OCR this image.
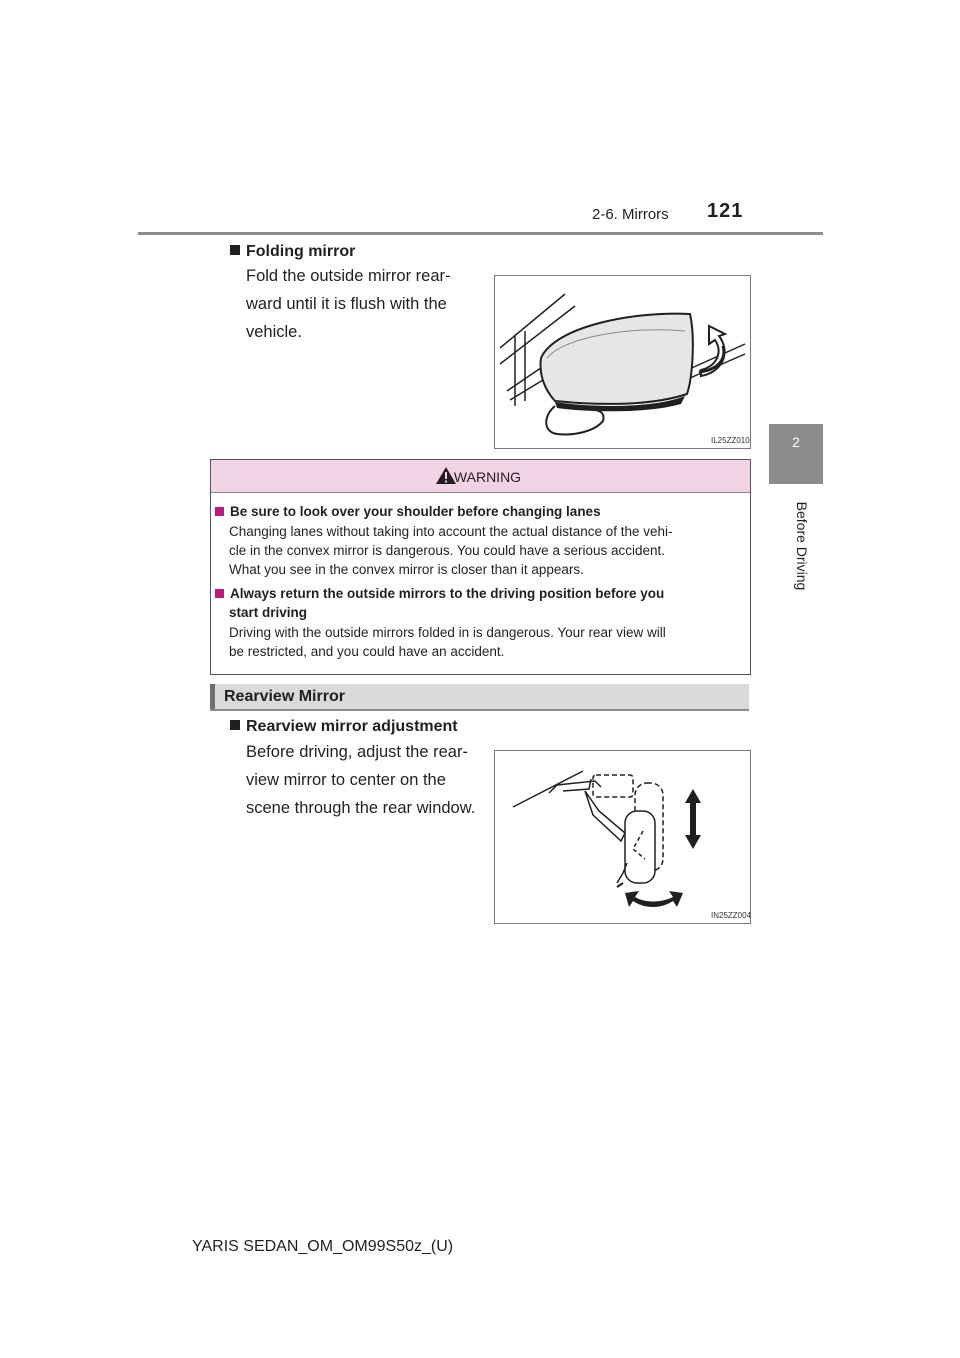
2-6. Mirrors 121
2
Before Driving
Folding mirror
Fold the outside mirror rear-
ward until it is flush with the
vehicle.
IL25ZZ010
WARNING
Be sure to look over your shoulder before changing lanes
Changing lanes without taking into account the actual distance of the vehi-
cle in the convex mirror is dangerous. You could have a serious accident.
What you see in the convex mirror is closer than it appears.
Always return the outside mirrors to the driving position before you
start driving
Driving with the outside mirrors folded in is dangerous. Your rear view will
be restricted, and you could have an accident.
Rearview Mirror
Rearview mirror adjustment
Before driving, adjust the rear-
view mirror to center on the
scene through the rear window.
IN25ZZ004
YARIS SEDAN_OM_OM99S50z_(U)
